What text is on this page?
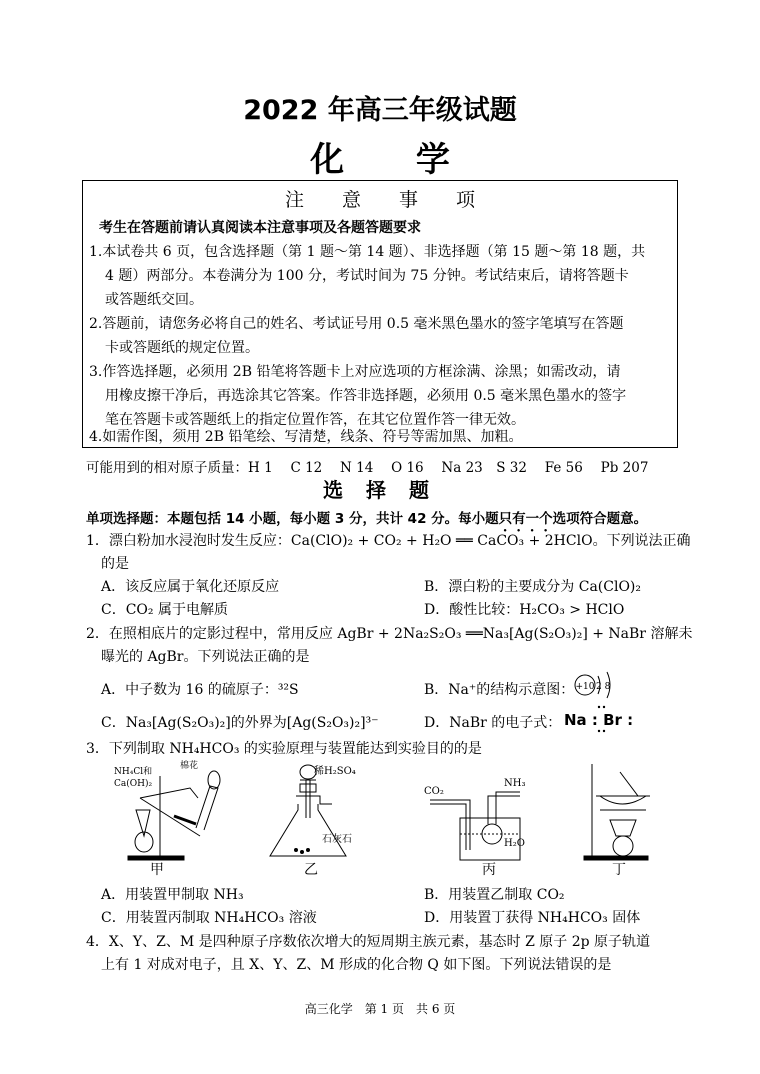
2022 年高三年级试题
化 学
注 意 事 项
考生在答题前请认真阅读本注意事项及各题答题要求
1.本试卷共 6 页，包含选择题（第 1 题～第 14 题）、非选择题（第 15 题～第 18 题，共
4 题）两部分。本卷满分为 100 分，考试时间为 75 分钟。考试结束后，请将答题卡
或答题纸交回。
2.答题前，请您务必将自己的姓名、考试证号用 0.5 毫米黑色墨水的签字笔填写在答题
卡或答题纸的规定位置。
3.作答选择题，必须用 2B 铅笔将答题卡上对应选项的方框涂满、涂黑；如需改动，请
用橡皮擦干净后，再选涂其它答案。作答非选择题，必须用 0.5 毫米黑色墨水的签字
笔在答题卡或答题纸上的指定位置作答，在其它位置作答一律无效。
4.如需作图，须用 2B 铅笔绘、写清楚，线条、符号等需加黑、加粗。
可能用到的相对原子质量：H 1　 C 12　 N 14　 O 16　 Na 23　S 32　 Fe 56　 Pb 207
选 择 题
单项选择题：本题包括 14 小题，每小题 3 分，共计 42 分。每小题只有一个选项符合题意。
1．漂白粉加水浸泡时发生反应：Ca(ClO)₂ + CO₂ + H₂O ══ CaCO₃ + 2HClO。下列说法正确
的是
A．该反应属于氧化还原反应	B．漂白粉的主要成分为 Ca(ClO)₂
C．CO₂ 属于电解质	D．酸性比较：H₂CO₃ > HClO
2．在照相底片的定影过程中，常用反应 AgBr + 2Na₂S₂O₃ ══Na₃[Ag(S₂O₃)₂] + NaBr 溶解未
曝光的 AgBr。下列说法正确的是
A．中子数为 16 的硫原子：³²S	B．Na⁺的结构示意图： +10 2 8
C．Na₃[Ag(S₂O₃)₂]的外界为[Ag(S₂O₃)₂]³⁻	D．NaBr 的电子式： Na : Br :
3．下列制取 NH₄HCO₃ 的实验原理与装置能达到实验目的的是
NH₄Cl和
Ca(OH)₂
棉花
甲
稀H₂SO₄
石灰石
乙
CO₂
NH₃
H₂O
丙	丁
A．用装置甲制取 NH₃	B．用装置乙制取 CO₂
C．用装置丙制取 NH₄HCO₃ 溶液	D．用装置丁获得 NH₄HCO₃ 固体
4．X、Y、Z、M 是四种原子序数依次增大的短周期主族元素，基态时 Z 原子 2p 原子轨道
上有 1 对成对电子，且 X、Y、Z、M 形成的化合物 Q 如下图。下列说法错误的是
高三化学　第 1 页　共 6 页
